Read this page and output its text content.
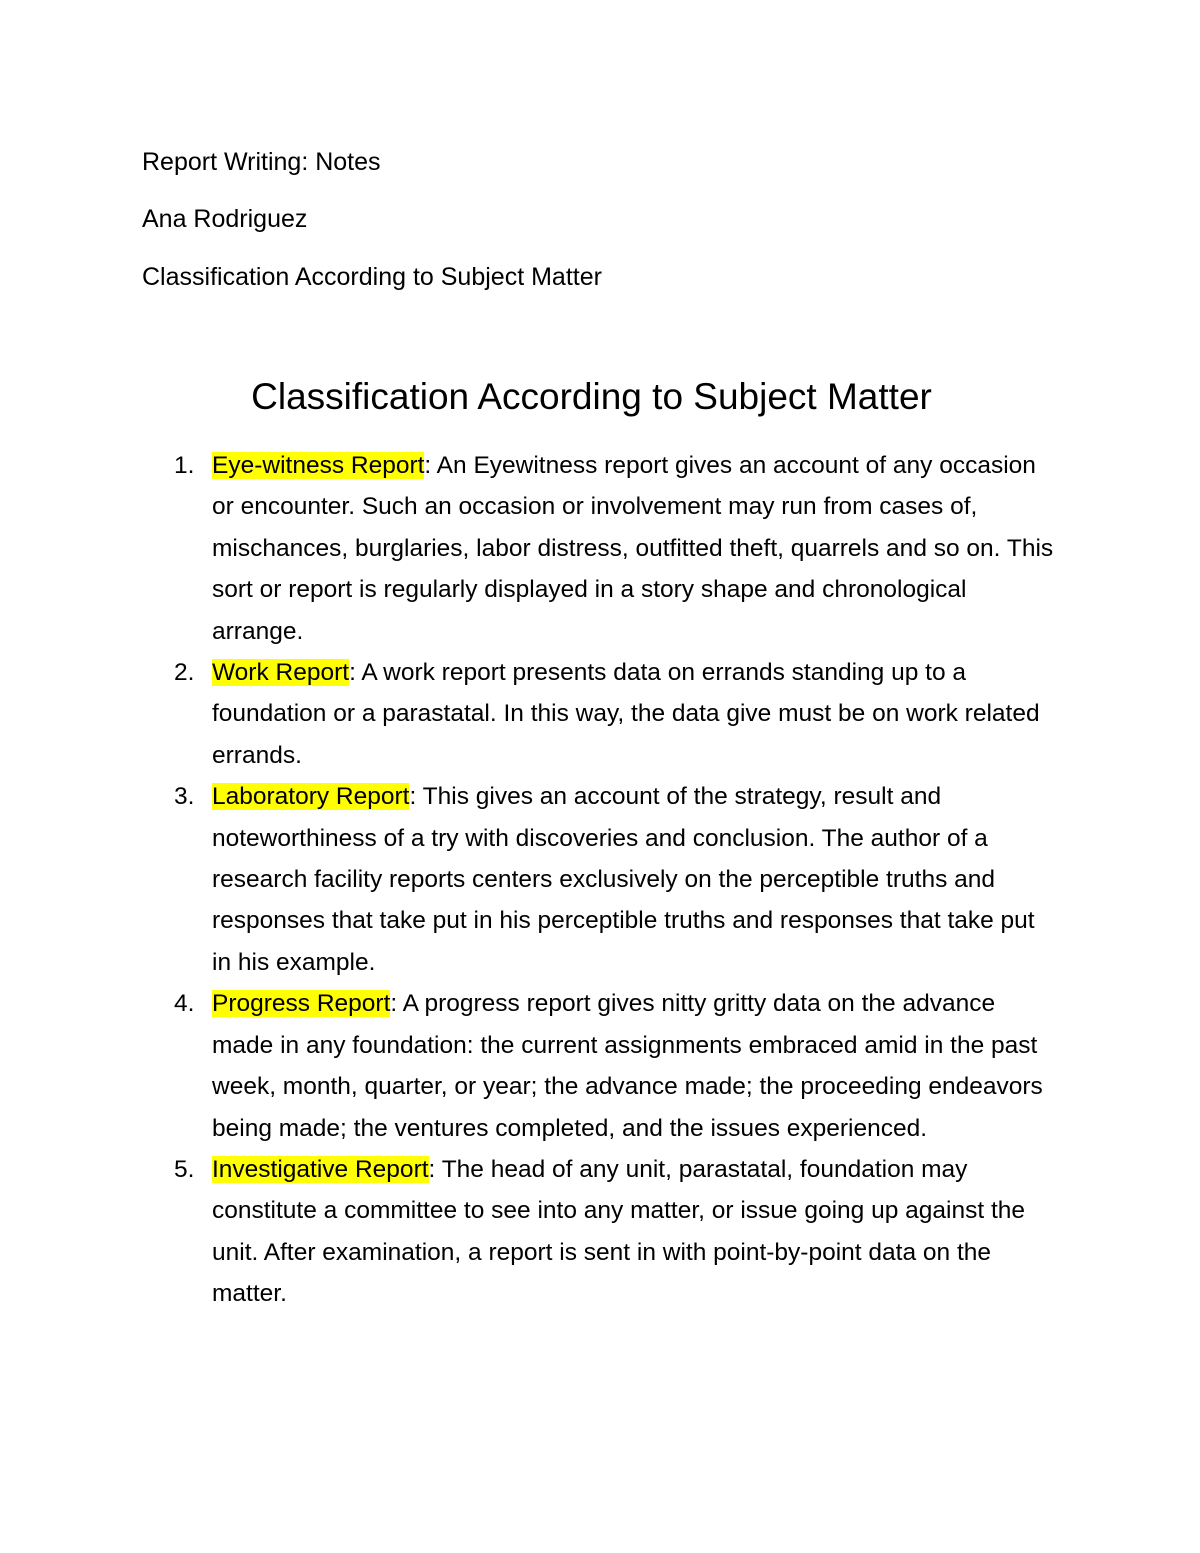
Report Writing: Notes
Ana Rodriguez
Classification According to Subject Matter
Classification According to Subject Matter
1. Eye-witness Report: An Eyewitness report gives an account of any occasion or encounter. Such an occasion or involvement may run from cases of, mischances, burglaries, labor distress, outfitted theft, quarrels and so on. This sort or report is regularly displayed in a story shape and chronological arrange.
2. Work Report: A work report presents data on errands standing up to a foundation or a parastatal. In this way, the data give must be on work related errands.
3. Laboratory Report: This gives an account of the strategy, result and noteworthiness of a try with discoveries and conclusion. The author of a research facility reports centers exclusively on the perceptible truths and responses that take put in his perceptible truths and responses that take put in his example.
4. Progress Report: A progress report gives nitty gritty data on the advance made in any foundation: the current assignments embraced amid in the past week, month, quarter, or year; the advance made; the proceeding endeavors being made; the ventures completed, and the issues experienced.
5. Investigative Report: The head of any unit, parastatal, foundation may constitute a committee to see into any matter, or issue going up against the unit. After examination, a report is sent in with point-by-point data on the matter.
